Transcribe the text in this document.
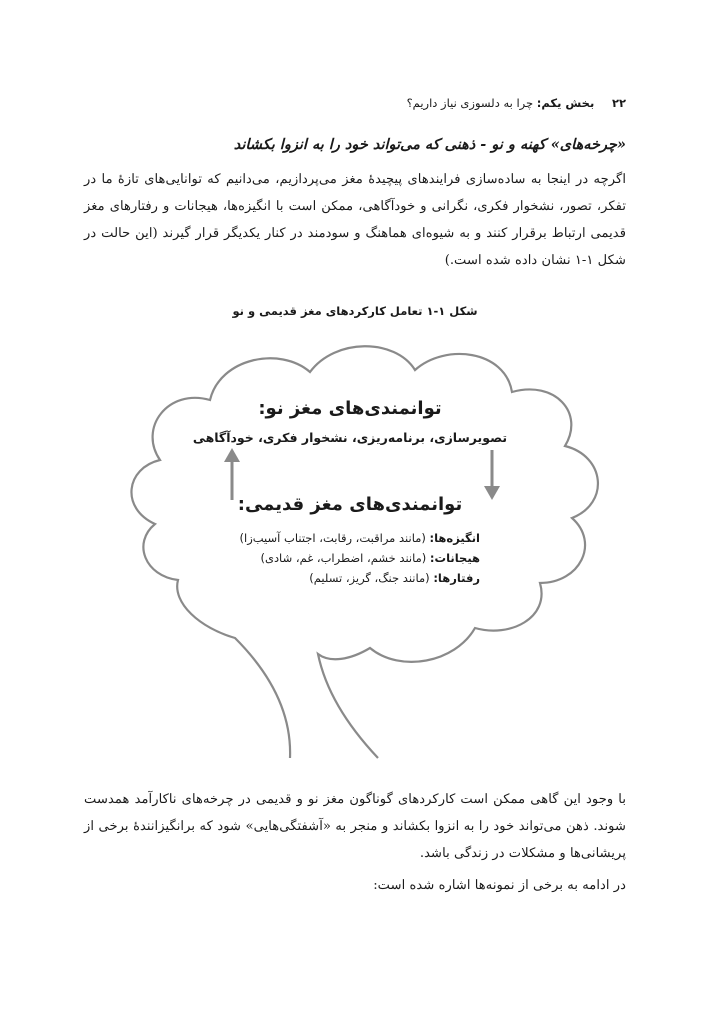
۲۲ بخش یکم: چرا به دلسوزی نیاز داریم؟
«چرخه‌های» کهنه و نو - ذهنی که می‌تواند خود را به انزوا بکشاند
اگرچه در اینجا به ساده‌سازی فرایندهای پیچیدهٔ مغز می‌پردازیم، می‌دانیم که توانایی‌های تازهٔ ما در تفکر، تصور، نشخوار فکری، نگرانی و خودآگاهی، ممکن است با انگیزه‌ها، هیجانات و رفتارهای مغز قدیمی ارتباط برقرار کنند و به شیوه‌ای هماهنگ و سودمند در کنار یکدیگر قرار گیرند (این حالت در شکل ۱-۱ نشان داده شده است.)
شکل ۱-۱ تعامل کارکردهای مغز قدیمی و نو
توانمندی‌های مغز نو:
تصویرسازی، برنامه‌ریزی، نشخوار فکری، خودآگاهی
توانمندی‌های مغز قدیمی:
انگیزه‌ها: (مانند مراقبت، رقابت، اجتناب آسیب‌زا)
هیجانات: (مانند خشم، اضطراب، غم، شادی)
رفتارها: (مانند جنگ، گریز، تسلیم)
با وجود این گاهی ممکن است کارکردهای گوناگون مغز نو و قدیمی در چرخه‌های ناکارآمد همدست شوند. ذهن می‌تواند خود را به انزوا بکشاند و منجر به «آشفتگی‌هایی» شود که برانگیزانندهٔ برخی از پریشانی‌ها و مشکلات در زندگی باشد.
در ادامه به برخی از نمونه‌ها اشاره شده است:
